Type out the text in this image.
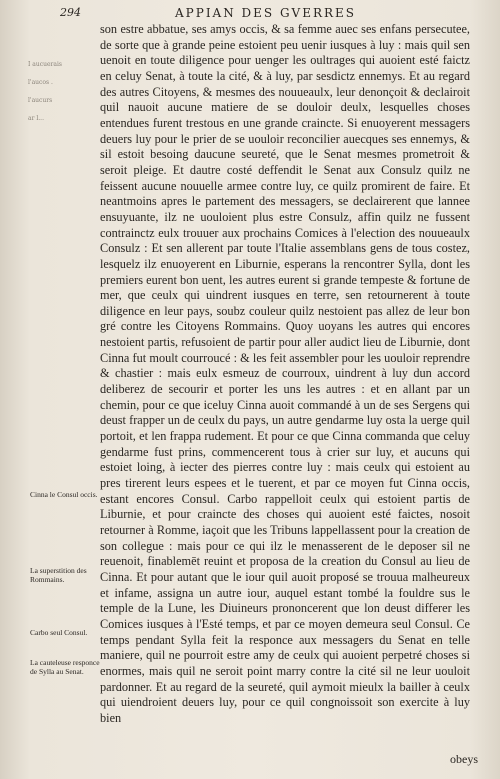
294	APPIAN DES GVERRES
I aucuerais
l'aucos .
l'aucurs
ar l...

son estre abbatue, ses amys occis, & sa femme auec ses enfans persecutee, de sorte que à grande peine estoient peu uenir iusques à luy : mais quil sen uenoit en toute diligence pour uenger les oultrages qui auoient esté faictz en celuy Senat, à toute la cité, & à luy, par sesdictz ennemys. Et au regard des autres Citoyens, & mesmes des nouueaulx, leur denonçoit & declairoit quil nauoit aucune matiere de se douloir deulx, lesquelles choses entendues furent trestous en une grande craincte. Si enuoyerent messagers deuers luy pour le prier de se uouloir reconcilier auecques ses ennemys, & sil estoit besoing daucune seureté, que le Senat mesmes prometroit & seroit pleige. Et dautre costé deffendit le Senat aux Consulz quilz ne feissent aucune nouuelle armee contre luy, ce quilz promirent de faire. Et neantmoins apres le partement des messagers, se declairerent que lannee ensuyuante, ilz ne uouloient plus estre Consulz, affin quilz ne fussent contrainctz eulx trouuer aux prochains Comices à l'election des nouueaulx Consulz : Et sen allerent par toute l'Italie assemblans gens de tous costez, lesquelz ilz enuoyerent en Liburnie, esperans la rencontrer Sylla, dont les premiers eurent bon uent, les autres eurent si grande tempeste & fortune de mer, que ceulx qui uindrent iusques en terre, sen retournerent à toute diligence en leur pays, soubz couleur quilz nestoient pas allez de leur bon gré contre les Citoyens Rommains. Quoy uoyans les autres qui encores nestoient partis, refusoient de partir pour aller audict lieu de Liburnie, dont Cinna fut moult courroucé : & les feit assembler pour les uouloir reprendre & chastier : mais eulx esmeuz de courroux, uindrent à luy dun accord deliberez de secourir et porter les uns les autres : et en allant par un chemin, pour ce que iceluy Cinna auoit commandé à un de ses Sergens qui deust frapper un de ceulx du pays, un autre gendarme luy osta la uerge quil portoit, et len frappa rudement. Et pour ce que Cinna commanda que celuy gendarme fust prins, commencerent tous à crier sur luy, et aucuns qui estoiet loing, à iecter des pierres contre luy : mais ceulx qui estoient au pres tirerent leurs espees et le tuerent, et par ce moyen fut Cinna occis, estant encores Consul. Carbo rappelloit ceulx qui estoient partis de Liburnie, et pour craincte des choses qui auoient esté faictes, nosoit retourner à Romme, iaçoit que les Tribuns lappellassent pour la creation de son collegue : mais pour ce qui ilz le menasserent de le deposer sil ne reuenoit, finablemēt reuint et proposa de la creation du Consul au lieu de Cinna. Et pour autant que le iour quil auoit proposé se trouua malheureux et infame, assigna un autre iour, auquel estant tombé la fouldre sus le temple de la Lune, les Diuineurs prononcerent que lon deust differer les Comices iusques à l'Esté temps, et par ce moyen demeura seul Consul. Ce temps pendant Sylla feit la responce aux messagers du Senat en telle maniere, quil ne pourroit estre amy de ceulx qui auoient perpetré choses si enormes, mais quil ne seroit point marry contre la cité sil ne leur uouloit pardonner. Et au regard de la seureté, quil aymoit mieulx la bailler à ceulx qui uiendroient deuers luy, pour ce quil congnoissoit son exercite à luy bien

Cinna le Consul occis.
La superstition des Rommains.
Carbo seul Consul.
La cauteleuse responce de Sylla au Senat.
obeys
